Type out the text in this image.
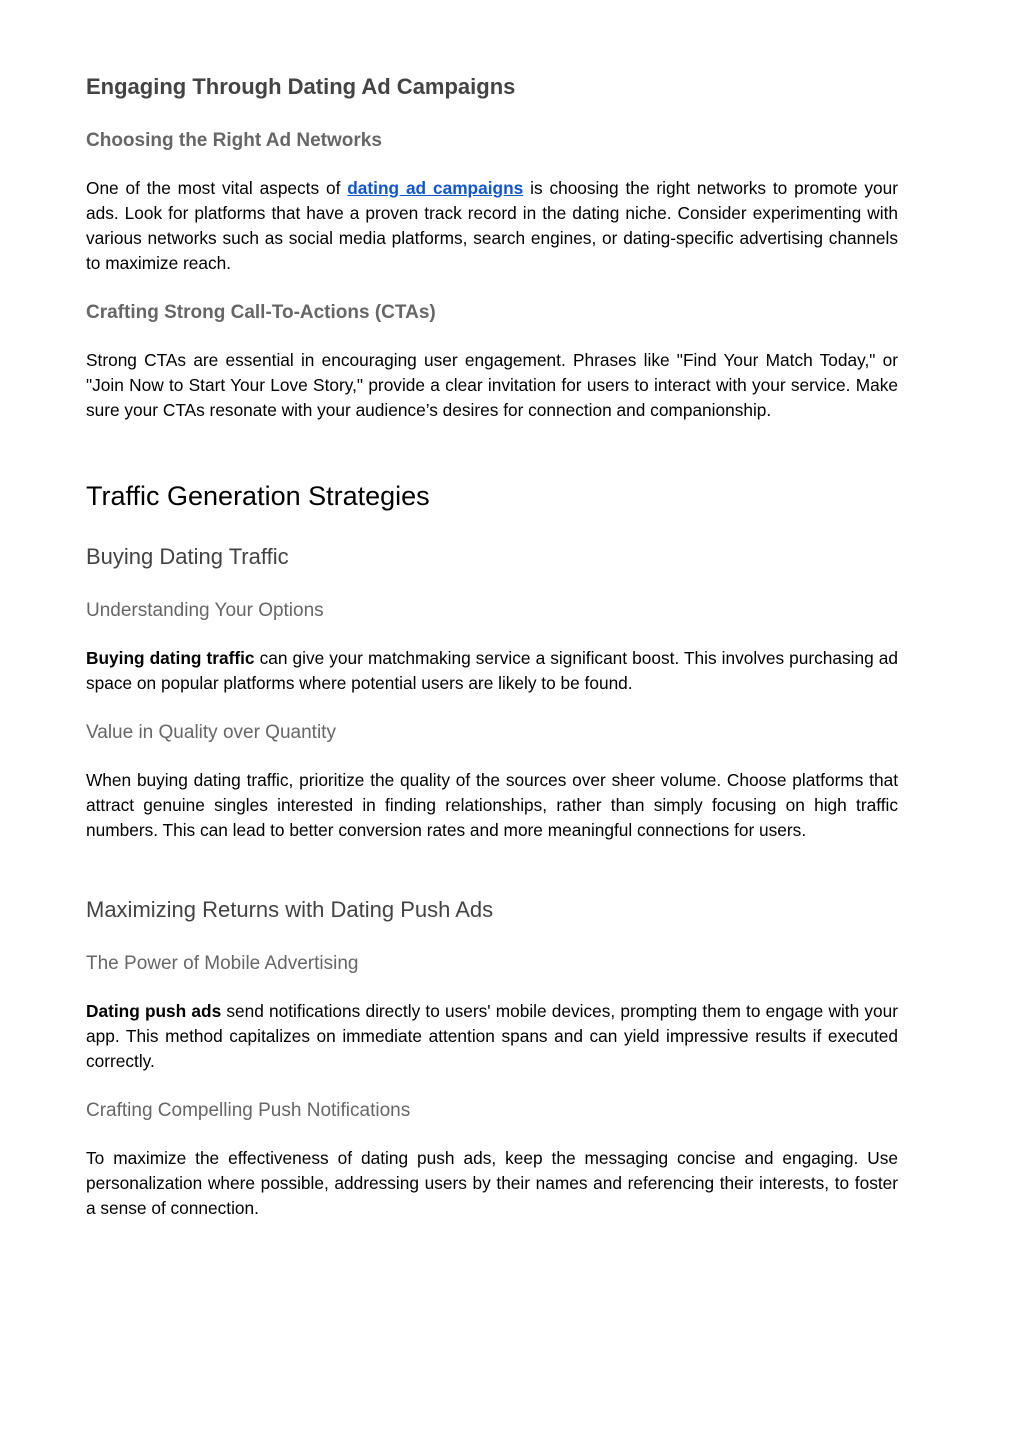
Engaging Through Dating Ad Campaigns
Choosing the Right Ad Networks

One of the most vital aspects of dating ad campaigns is choosing the right networks to promote your ads. Look for platforms that have a proven track record in the dating niche. Consider experimenting with various networks such as social media platforms, search engines, or dating-specific advertising channels to maximize reach.

Crafting Strong Call-To-Actions (CTAs)

Strong CTAs are essential in encouraging user engagement. Phrases like "Find Your Match Today," or "Join Now to Start Your Love Story," provide a clear invitation for users to interact with your service. Make sure your CTAs resonate with your audience’s desires for connection and companionship.

Traffic Generation Strategies
Buying Dating Traffic
Understanding Your Options

Buying dating traffic can give your matchmaking service a significant boost. This involves purchasing ad space on popular platforms where potential users are likely to be found.

Value in Quality over Quantity

When buying dating traffic, prioritize the quality of the sources over sheer volume. Choose platforms that attract genuine singles interested in finding relationships, rather than simply focusing on high traffic numbers. This can lead to better conversion rates and more meaningful connections for users.

Maximizing Returns with Dating Push Ads
The Power of Mobile Advertising

Dating push ads send notifications directly to users' mobile devices, prompting them to engage with your app. This method capitalizes on immediate attention spans and can yield impressive results if executed correctly.

Crafting Compelling Push Notifications

To maximize the effectiveness of dating push ads, keep the messaging concise and engaging. Use personalization where possible, addressing users by their names and referencing their interests, to foster a sense of connection.
